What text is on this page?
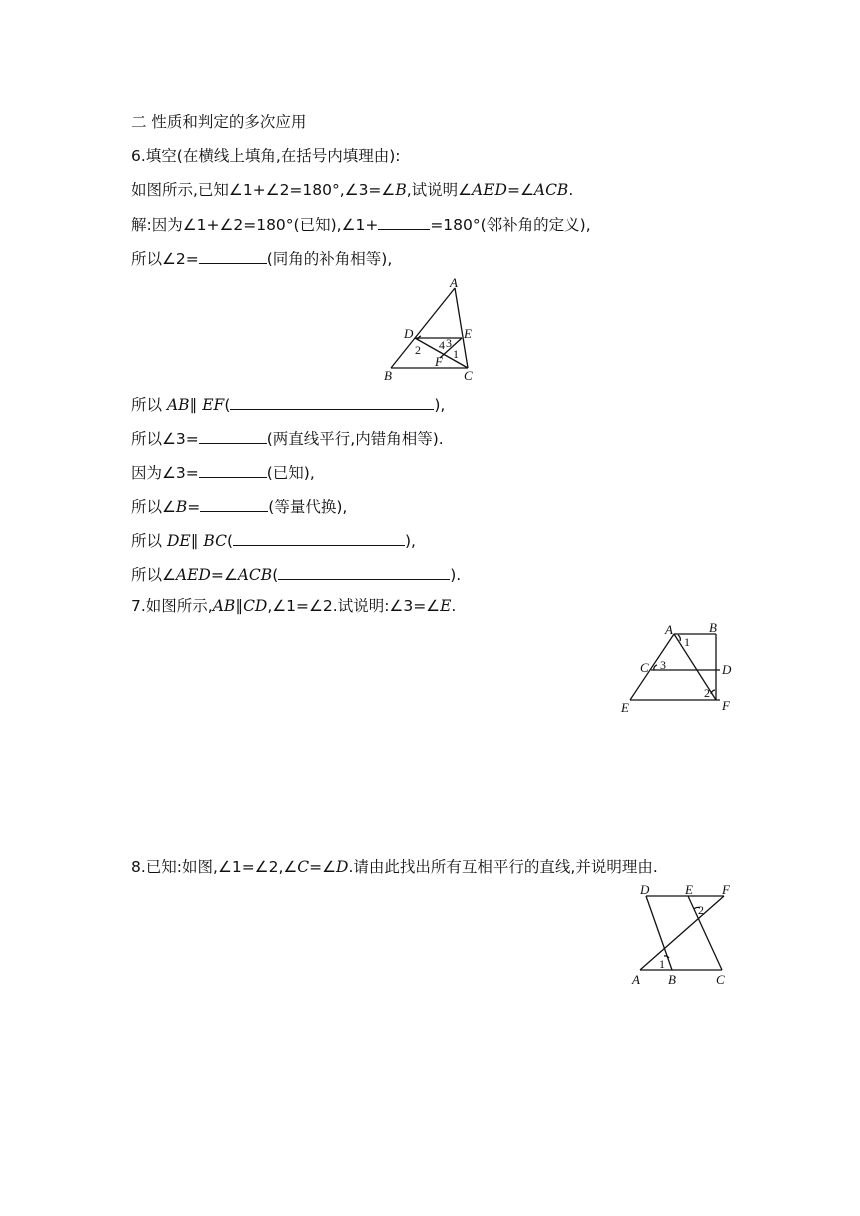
二 性质和判定的多次应用
6.填空(在横线上填角,在括号内填理由):
如图所示,已知∠1+∠2=180°,∠3=∠B,试说明∠AED=∠ACB.
解:因为∠1+∠2=180°(已知),∠1+	=180°(邻补角的定义),
所以∠2=	(同角的补角相等),
A
D	E
B	C
F
2 4 3
1
所以 AB∥ EF(	),
所以∠3=	(两直线平行,内错角相等).
因为∠3=	(已知),
所以∠B=	(等量代换),
所以 DE∥ BC(	),
所以∠AED=∠ACB(	).
7.如图所示,AB∥CD,∠1=∠2.试说明:∠3=∠E.
A	B
C	D
E	F
1
3
2
8.已知:如图,∠1=∠2,∠C=∠D.请由此找出所有互相平行的直线,并说明理由.
D	E F
A B	C
2
1
